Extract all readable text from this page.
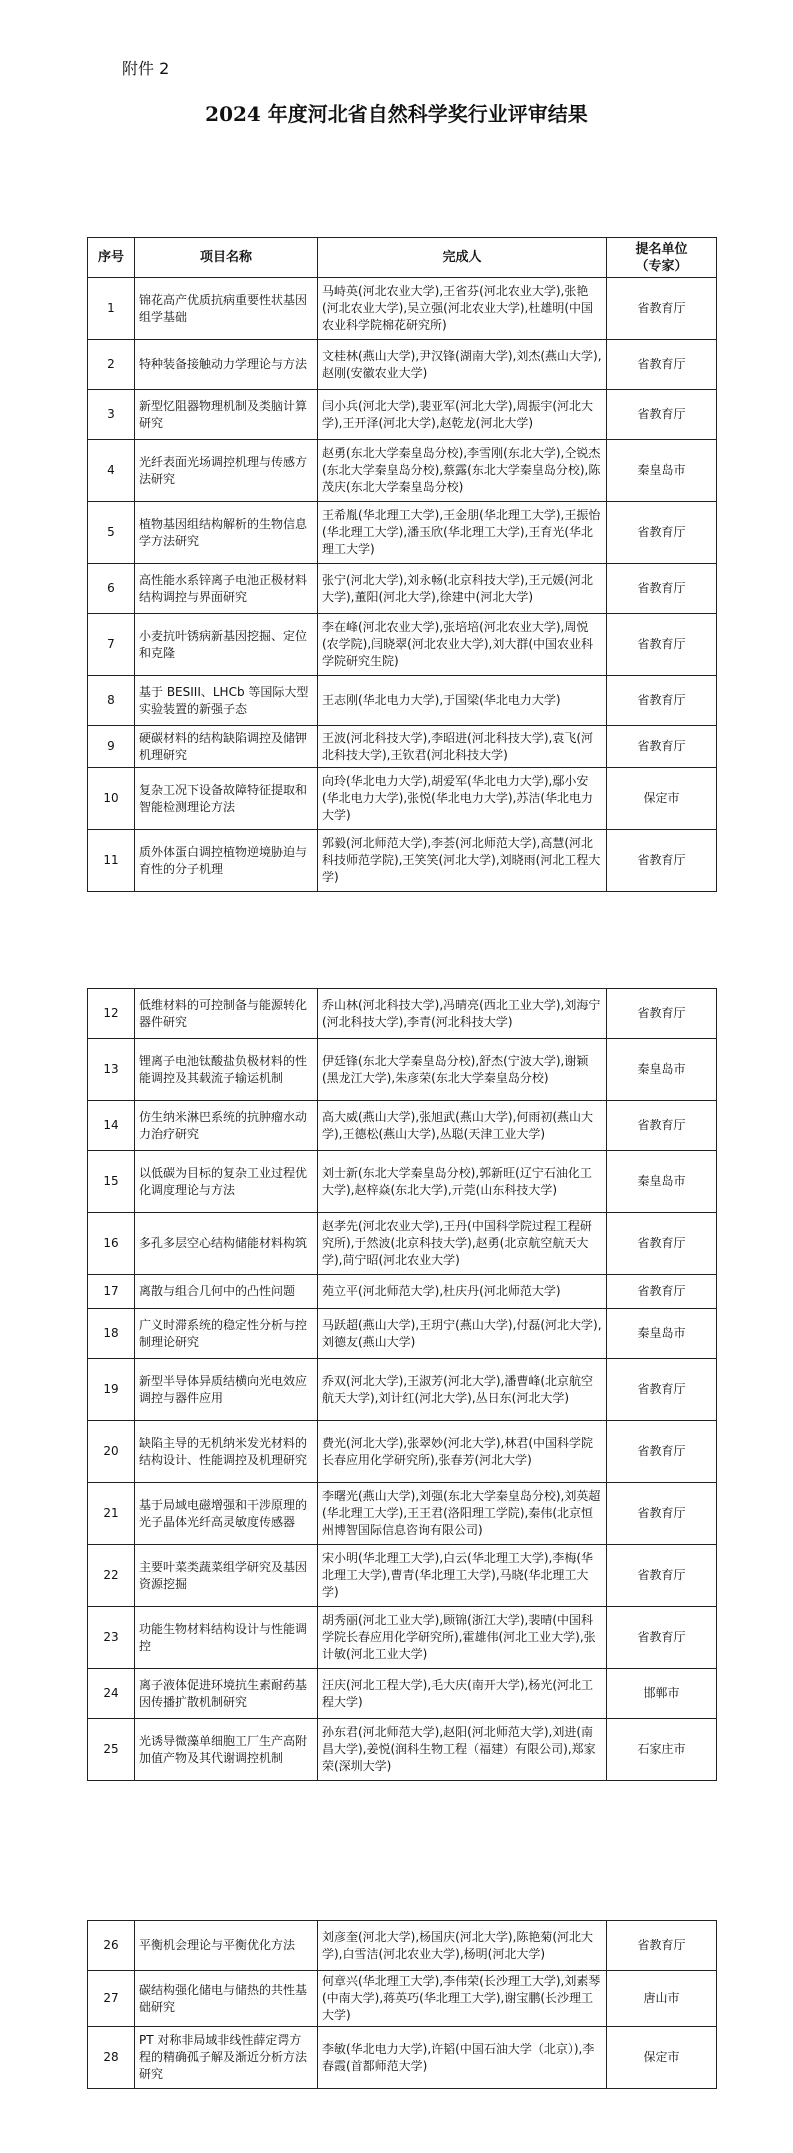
附件 2
2024 年度河北省自然科学奖行业评审结果
序号	项目名称	完成人	提名单位
（专家）
1	锦花高产优质抗病重要性状基因组学基础	马峙英(河北农业大学),王省芬(河北农业大学),张艳(河北农业大学),吴立强(河北农业大学),杜雄明(中国农业科学院棉花研究所)	省教育厅
2	特种装备接触动力学理论与方法	文桂林(燕山大学),尹汉锋(湖南大学),刘杰(燕山大学),赵刚(安徽农业大学)	省教育厅
3	新型忆阻器物理机制及类脑计算研究	闫小兵(河北大学),裴亚军(河北大学),周振宇(河北大学),王开泽(河北大学),赵乾龙(河北大学)	省教育厅
4	光纤表面光场调控机理与传感方法研究	赵勇(东北大学秦皇岛分校),李雪刚(东北大学),仝锐杰(东北大学秦皇岛分校),蔡露(东北大学秦皇岛分校),陈茂庆(东北大学秦皇岛分校)	秦皇岛市
5	植物基因组结构解析的生物信息学方法研究	王希胤(华北理工大学),王金朋(华北理工大学),王振怡(华北理工大学),潘玉欣(华北理工大学),王育光(华北理工大学)	省教育厅
6	高性能水系锌离子电池正极材料结构调控与界面研究	张宁(河北大学),刘永畅(北京科技大学),王元媛(河北大学),董阳(河北大学),徐建中(河北大学)	省教育厅
7	小麦抗叶锈病新基因挖掘、定位和克隆	李在峰(河北农业大学),张培培(河北农业大学),周悦(农学院),闫晓翠(河北农业大学),刘大群(中国农业科学院研究生院)	省教育厅
8	基于 BESIII、LHCb 等国际大型实验装置的新强子态	王志刚(华北电力大学),于国梁(华北电力大学)	省教育厅
9	硬碳材料的结构缺陷调控及储钾机理研究	王波(河北科技大学),李昭进(河北科技大学),袁飞(河北科技大学),王钦君(河北科技大学)	省教育厅
10	复杂工况下设备故障特征提取和智能检测理论方法	向玲(华北电力大学),胡爱军(华北电力大学),鄢小安(华北电力大学),张悦(华北电力大学),苏洁(华北电力大学)	保定市
11	质外体蛋白调控植物逆境胁迫与育性的分子机理	郭毅(河北师范大学),李荟(河北师范大学),高慧(河北科技师范学院),王笑笑(河北大学),刘晓雨(河北工程大学)	省教育厅
12	低维材料的可控制备与能源转化器件研究	乔山林(河北科技大学),冯晴亮(西北工业大学),刘海宁(河北科技大学),李青(河北科技大学)	省教育厅
13	锂离子电池钛酸盐负极材料的性能调控及其载流子输运机制	伊廷锋(东北大学秦皇岛分校),舒杰(宁波大学),谢颖(黑龙江大学),朱彦荣(东北大学秦皇岛分校)	秦皇岛市
14	仿生纳米淋巴系统的抗肿瘤水动力治疗研究	高大威(燕山大学),张旭武(燕山大学),何雨初(燕山大学),王德松(燕山大学),丛聪(天津工业大学)	省教育厅
15	以低碳为目标的复杂工业过程优化调度理论与方法	刘士新(东北大学秦皇岛分校),郭新旺(辽宁石油化工大学),赵梓焱(东北大学),亓莞(山东科技大学)	秦皇岛市
16	多孔多层空心结构储能材料构筑	赵孝先(河北农业大学),王丹(中国科学院过程工程研究所),于然波(北京科技大学),赵勇(北京航空航天大学),苘宁昭(河北农业大学)	省教育厅
17	离散与组合几何中的凸性问题	苑立平(河北师范大学),杜庆丹(河北师范大学)	省教育厅
18	广义时滞系统的稳定性分析与控制理论研究	马跃超(燕山大学),王玥宁(燕山大学),付磊(河北大学),刘德友(燕山大学)	秦皇岛市
19	新型半导体异质结横向光电效应调控与器件应用	乔双(河北大学),王淑芳(河北大学),潘曹峰(北京航空航天大学),刘计红(河北大学),丛日东(河北大学)	省教育厅
20	缺陷主导的无机纳米发光材料的结构设计、性能调控及机理研究	费光(河北大学),张翠妙(河北大学),林君(中国科学院长春应用化学研究所),张春芳(河北大学)	省教育厅
21	基于局域电磁增强和干涉原理的光子晶体光纤高灵敏度传感器	李曙光(燕山大学),刘强(东北大学秦皇岛分校),刘英超(华北理工大学),王王君(洛阳理工学院),秦伟(北京恒州博智国际信息咨询有限公司)	省教育厅
22	主要叶菜类蔬菜组学研究及基因资源挖掘	宋小明(华北理工大学),白云(华北理工大学),李梅(华北理工大学),曹青(华北理工大学),马晓(华北理工大学)	省教育厅
23	功能生物材料结构设计与性能调控	胡秀丽(河北工业大学),顾锦(浙江大学),裴晴(中国科学院长春应用化学研究所),霍雄伟(河北工业大学),张计敏(河北工业大学)	省教育厅
24	离子液体促进环境抗生素耐药基因传播扩散机制研究	汪庆(河北工程大学),毛大庆(南开大学),杨光(河北工程大学)	邯郸市
25	光诱导微藻单细胞工厂生产高附加值产物及其代谢调控机制	孙东君(河北师范大学),赵阳(河北师范大学),刘进(南昌大学),姜悦(润科生物工程（福建）有限公司),郑家荣(深圳大学)	石家庄市
26	平衡机会理论与平衡优化方法	刘彦奎(河北大学),杨国庆(河北大学),陈艳菊(河北大学),白雪洁(河北农业大学),杨明(河北大学)	省教育厅
27	碳结构强化储电与储热的共性基础研究	何章兴(华北理工大学),李伟荣(长沙理工大学),刘素琴(中南大学),蒋英巧(华北理工大学),谢宝鹏(长沙理工大学)	唐山市
28	PT 对称非局域非线性薛定谔方程的精确孤子解及渐近分析方法研究	李敏(华北电力大学),许韬(中国石油大学（北京）),李春霞(首都师范大学)	保定市
